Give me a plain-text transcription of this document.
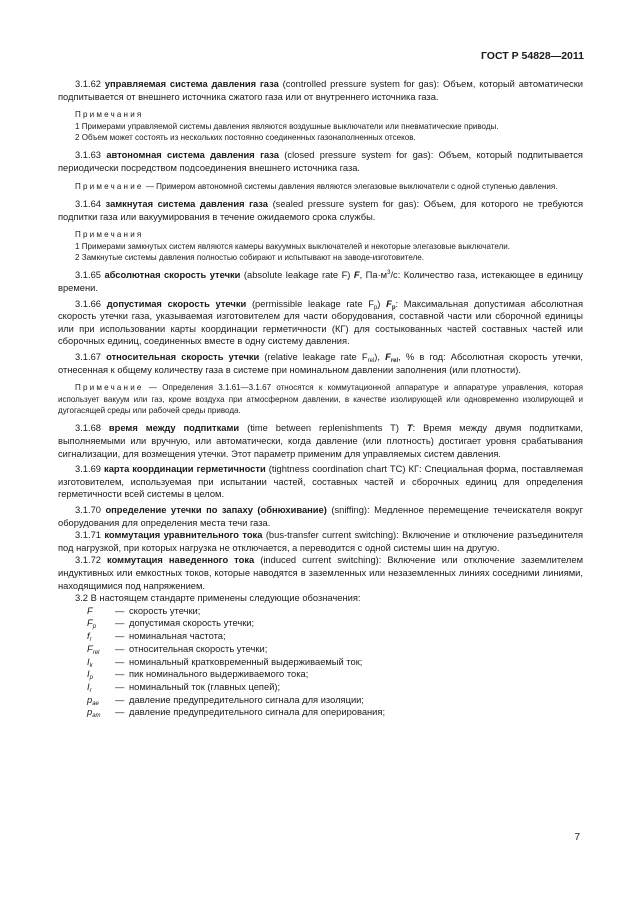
ГОСТ Р 54828—2011

3.1.62 управляемая система давления газа (controlled pressure system for gas): Объем, который автоматически подпитывается от внешнего источника сжатого газа или от внутреннего источника газа.

Примечания

1 Примерами управляемой системы давления являются воздушные выключатели или пневматические приводы.

2 Объем может состоять из нескольких постоянно соединенных газонаполненных отсеков.

3.1.63 автономная система давления газа (closed pressure system for gas): Объем, который подпитывается периодически посредством подсоединения внешнего источника газа.

Примечание — Примером автономной системы давления являются элегазовые выключатели с одной ступенью давления.

3.1.64 замкнутая система давления газа (sealed pressure system for gas): Объем, для которого не требуются подпитки газа или вакуумирования в течение ожидаемого срока службы.

Примечания

1 Примерами замкнутых систем являются камеры вакуумных выключателей и некоторые элегазовые выключатели.

2 Замкнутые системы давления полностью собирают и испытывают на заводе-изготовителе.

3.1.65 абсолютная скорость утечки (absolute leakage rate F) F, $Па\cdot м^3/с$: Количество газа, истекающее в единицу времени.

3.1.66 допустимая скорость утечки (permissible leakage rate $F_p$) $F_p$: Максимальная допустимая абсолютная скорость утечки газа, указываемая изготовителем для части оборудования, составной части или сборочной единицы или при использовании карты координации герметичности (КГ) для состыкованных частей составных частей или сборочных единиц, соединенных вместе в одну систему давления.

3.1.67 относительная скорость утечки (relative leakage rate $F_{rel}$), $F_{rel}$, % в год: Абсолютная скорость утечки, отнесенная к общему количеству газа в системе при номинальном давлении заполнения (или плотности).

Примечание — Определения 3.1.61—3.1.67 относятся к коммутационной аппаратуре и аппаратуре управления, которая использует вакуум или газ, кроме воздуха при атмосферном давлении, в качестве изолирующей или одновременно изолирующей и дугогасящей среды или рабочей среды привода.

3.1.68 время между подпитками (time between replenishments T) T: Время между двумя подпитками, выполняемыми или вручную, или автоматически, когда давление (или плотность) достигает уровня срабатывания сигнализации, для возмещения утечки. Этот параметр применим для управляемых систем давления.

3.1.69 карта координации герметичности (tightness coordination chart TC) КГ: Специальная форма, поставляемая изготовителем, используемая при испытании частей, составных частей и сборочных единиц для определения герметичности всей системы в целом.

3.1.70 определение утечки по запаху (обнюхивание) (sniffing): Медленное перемещение течеискателя вокруг оборудования для определения места течи газа.

3.1.71 коммутация уравнительного тока (bus-transfer current switching): Включение и отключение разъединителя под нагрузкой, при которых нагрузка не отключается, а переводится с одной системы шин на другую.

3.1.72 коммутация наведенного тока (induced current switching): Включение или отключение заземлителем индуктивных или емкостных токов, которые наводятся в заземленных или незаземленных линиях соседними линиями, находящимися под напряжением.

3.2 В настоящем стандарте применены следующие обозначения:

F	— скорость утечки;
$F_p$	— допустимая скорость утечки;
$f_r$	— номинальная частота;
$F_{rel}$	— относительная скорость утечки;
$I_k$	— номинальный кратковременный выдерживаемый ток;
$I_p$	— пик номинального выдерживаемого тока;
$I_r$	— номинальный ток (главных цепей);
$p_{ae}$	— давление предупредительного сигнала для изоляции;
$p_{am}$	— давление предупредительного сигнала для оперирования;
7
